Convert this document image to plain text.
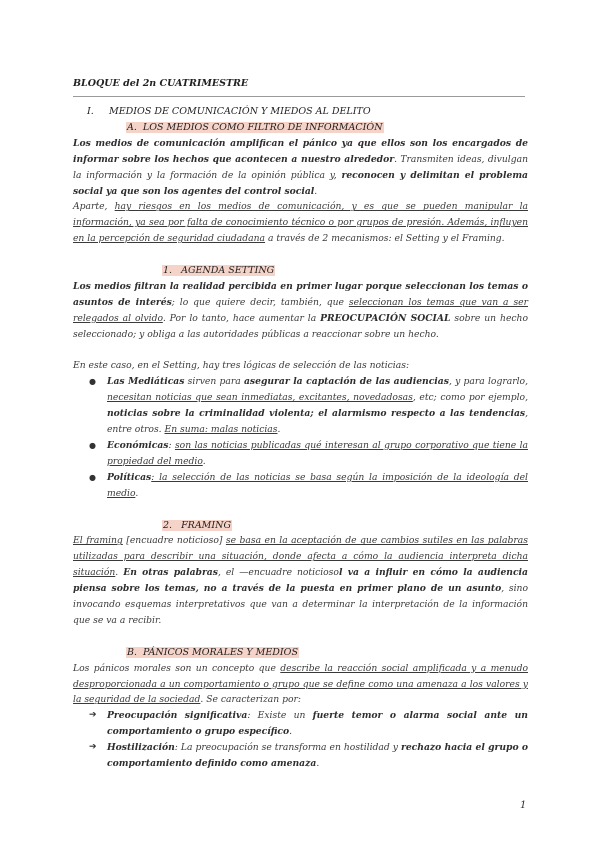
BLOQUE del 2n CUATRIMESTRE
I. MEDIOS DE COMUNICACIÓN Y MIEDOS AL DELITO
A. LOS MEDIOS COMO FILTRO DE INFORMACIÓN

Los medios de comunicación amplifican el pánico ya que ellos son los encargados de informar sobre los hechos que acontecen a nuestro alrededor. Transmiten ideas, divulgan la información y la formación de la opinión pública y, reconocen y delimitan el problema social ya que son los agentes del control social.

Aparte, hay riesgos en los medios de comunicación, y es que se pueden manipular la información, ya sea por falta de conocimiento técnico o por grupos de presión. Además, influyen en la percepción de seguridad ciudadana a través de 2 mecanismos: el Setting y el Framing.

1. AGENDA SETTING

Los medios filtran la realidad percibida en primer lugar porque seleccionan los temas o asuntos de interés; lo que quiere decir, también, que seleccionan los temas que van a ser relegados al olvido. Por lo tanto, hace aumentar la PREOCUPACIÓN SOCIAL sobre un hecho seleccionado; y obliga a las autoridades públicas a reaccionar sobre un hecho.

En este caso, en el Setting, hay tres lógicas de selección de las noticias:

● Las Mediáticas sirven para asegurar la captación de las audiencias, y para lograrlo, necesitan noticias que sean inmediatas, excitantes, novedadosas, etc; como por ejemplo, noticias sobre la criminalidad violenta; el alarmismo respecto a las tendencias, entre otros. En suma: malas noticias.
● Económicas: son las noticias publicadas qué interesan al grupo corporativo que tiene la propiedad del medio.
● Políticas: la selección de las noticias se basa según la imposición de la ideología del medio.
2. FRAMING

El framing [encuadre noticioso] se basa en la aceptación de que cambios sutiles en las palabras utilizadas para describir una situación, donde afecta a cómo la audiencia interpreta dicha situación. En otras palabras, el —encuadre noticiosol va a influir en cómo la audiencia piensa sobre los temas, no a través de la puesta en primer plano de un asunto, sino invocando esquemas interpretativos que van a determinar la interpretación de la información que se va a recibir.

B. PÁNICOS MORALES Y MEDIOS

Los pánicos morales son un concepto que describe la reacción social amplificada y a menudo desproporcionada a un comportamiento o grupo que se define como una amenaza a los valores y la seguridad de la sociedad. Se caracterizan por:

➔ Preocupación significativa: Existe un fuerte temor o alarma social ante un comportamiento o grupo específico.
➔ Hostilización: La preocupación se transforma en hostilidad y rechazo hacia el grupo o comportamiento definido como amenaza.
1
